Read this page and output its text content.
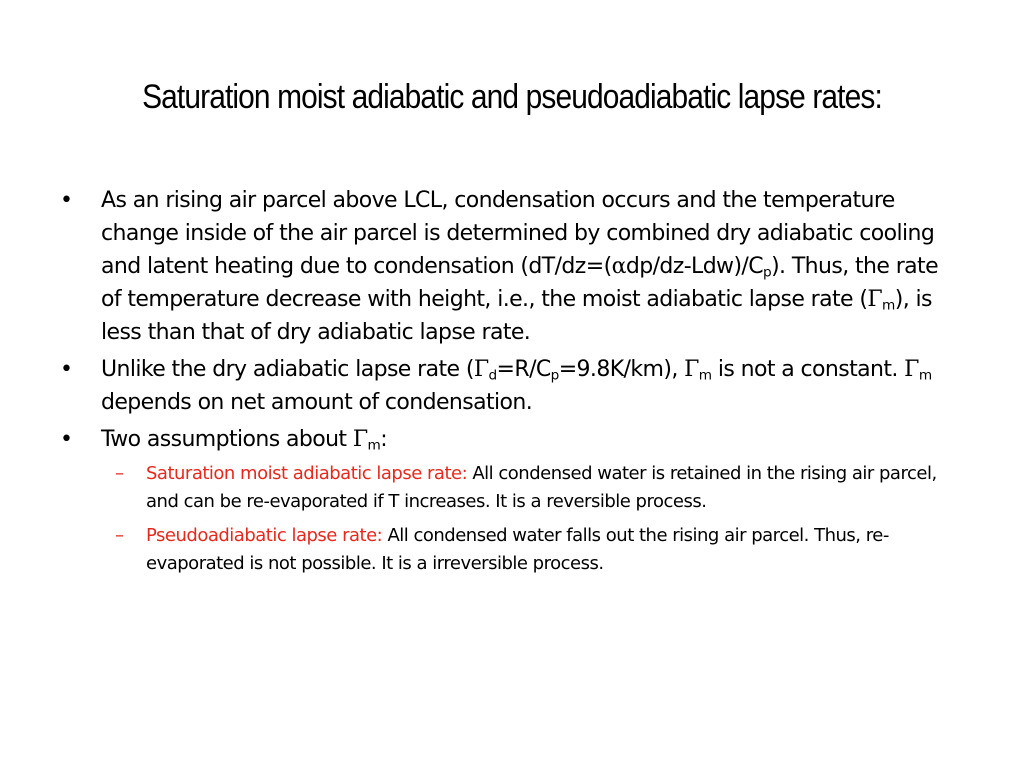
Saturation moist adiabatic and pseudoadiabatic lapse rates:
• As an rising air parcel above LCL, condensation occurs and the temperature change inside of the air parcel is determined by combined dry adiabatic cooling and latent heating due to condensation $(dT/dz=(\alpha dp/dz-Ldw)/C_p)$. Thus, the rate of temperature decrease with height, i.e., the moist adiabatic lapse rate $(\Gamma_m)$, is less than that of dry adiabatic lapse rate.
• Unlike the dry adiabatic lapse rate $(\Gamma_d=R/C_p=9.8K/km)$, $\Gamma_m$ is not a constant. $\Gamma_m$ depends on net amount of condensation.
• Two assumptions about $\Gamma_m$:
– Saturation moist adiabatic lapse rate: All condensed water is retained in the rising air parcel, and can be re-evaporated if T increases. It is a reversible process.
– Pseudoadiabatic lapse rate: All condensed water falls out the rising air parcel. Thus, re-evaporated is not possible. It is a irreversible process.
